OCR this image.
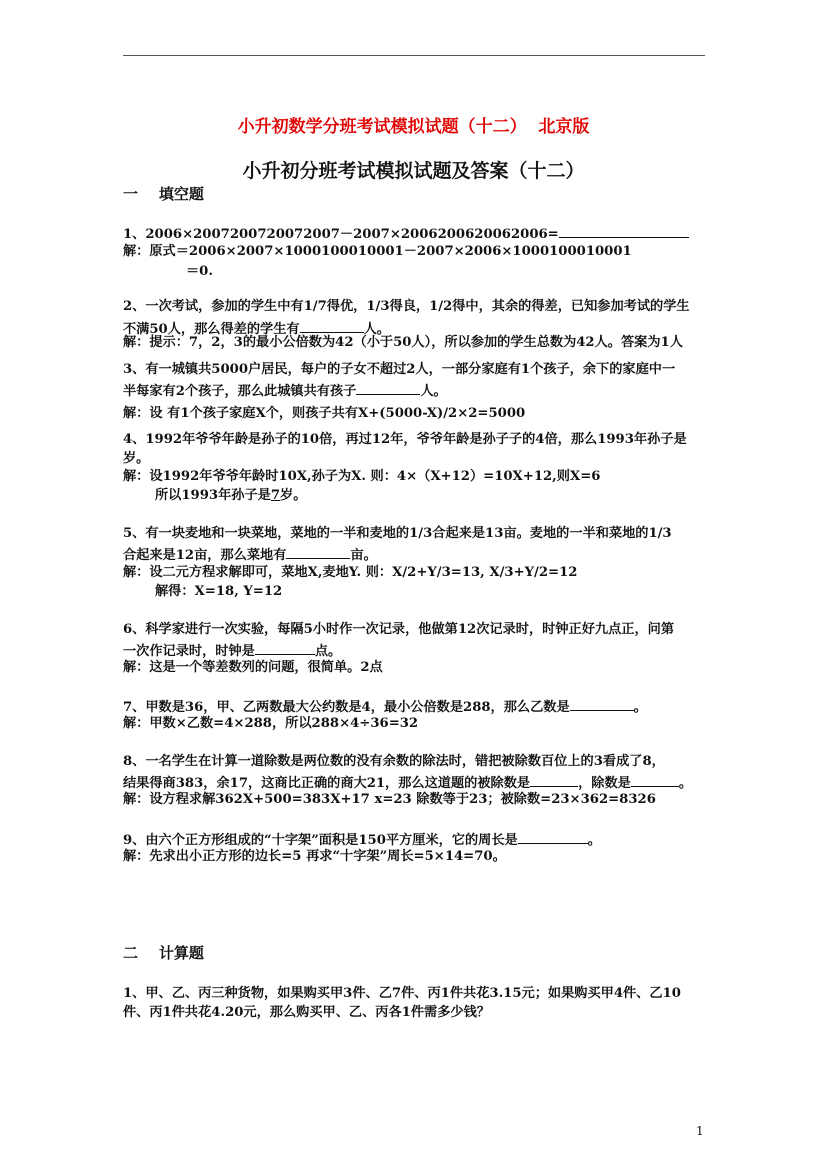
小升初数学分班考试模拟试题（十二）  北京版
小升初分班考试模拟试题及答案（十二）
一    填空题
1、2006×2007200720072007－2007×2006200620062006=
解：原式＝2006×2007×1000100010001－2007×2006×1000100010001
＝0.
2、一次考试，参加的学生中有1/7得优，1/3得良，1/2得中，其余的得差，已知参加考试的学生
不满50人，那么得差的学生有	人。
解：提示：7，2，3的最小公倍数为42（小于50人），所以参加的学生总数为42人。答案为1人
3、有一城镇共5000户居民，每户的子女不超过2人，一部分家庭有1个孩子，余下的家庭中一
半每家有2个孩子，那么此城镇共有孩子	人。
解：设 有1个孩子家庭X个，则孩子共有X+(5000-X)/2×2=5000
4、1992年爷爷年龄是孙子的10倍，再过12年，爷爷年龄是孙子子的4倍，那么1993年孙子是
岁。
解：设1992年爷爷年龄时10X,孙子为X. 则：4×（X+12）=10X+12,则X=6
所以1993年孙子是7岁。
5、有一块麦地和一块菜地，菜地的一半和麦地的1/3合起来是13亩。麦地的一半和菜地的1/3
合起来是12亩，那么菜地有	亩。
解：设二元方程求解即可，菜地X,麦地Y. 则：X/2+Y/3=13, X/3+Y/2=12
解得：X=18, Y=12
6、科学家进行一次实验，每隔5小时作一次记录，他做第12次记录时，时钟正好九点正，问第
一次作记录时，时钟是	点。
解：这是一个等差数列的问题，很简单。2点
7、甲数是36，甲、乙两数最大公约数是4，最小公倍数是288，那么乙数是	。
解：甲数×乙数=4×288，所以288×4÷36=32
8、一名学生在计算一道除数是两位数的没有余数的除法时，错把被除数百位上的3看成了8，
结果得商383，余17，这商比正确的商大21，那么这道题的被除数是	，除数是	。
解：设方程求解362X+500=383X+17 x=23 除数等于23；被除数=23×362=8326
9、由六个正方形组成的“十字架”面积是150平方厘米，它的周长是	。
解：先求出小正方形的边长=5 再求“十字架”周长=5×14=70。
二    计算题
1、甲、乙、丙三种货物，如果购买甲3件、乙7件、丙1件共花3.15元；如果购买甲4件、乙10
件、丙1件共花4.20元，那么购买甲、乙、丙各1件需多少钱？
1
